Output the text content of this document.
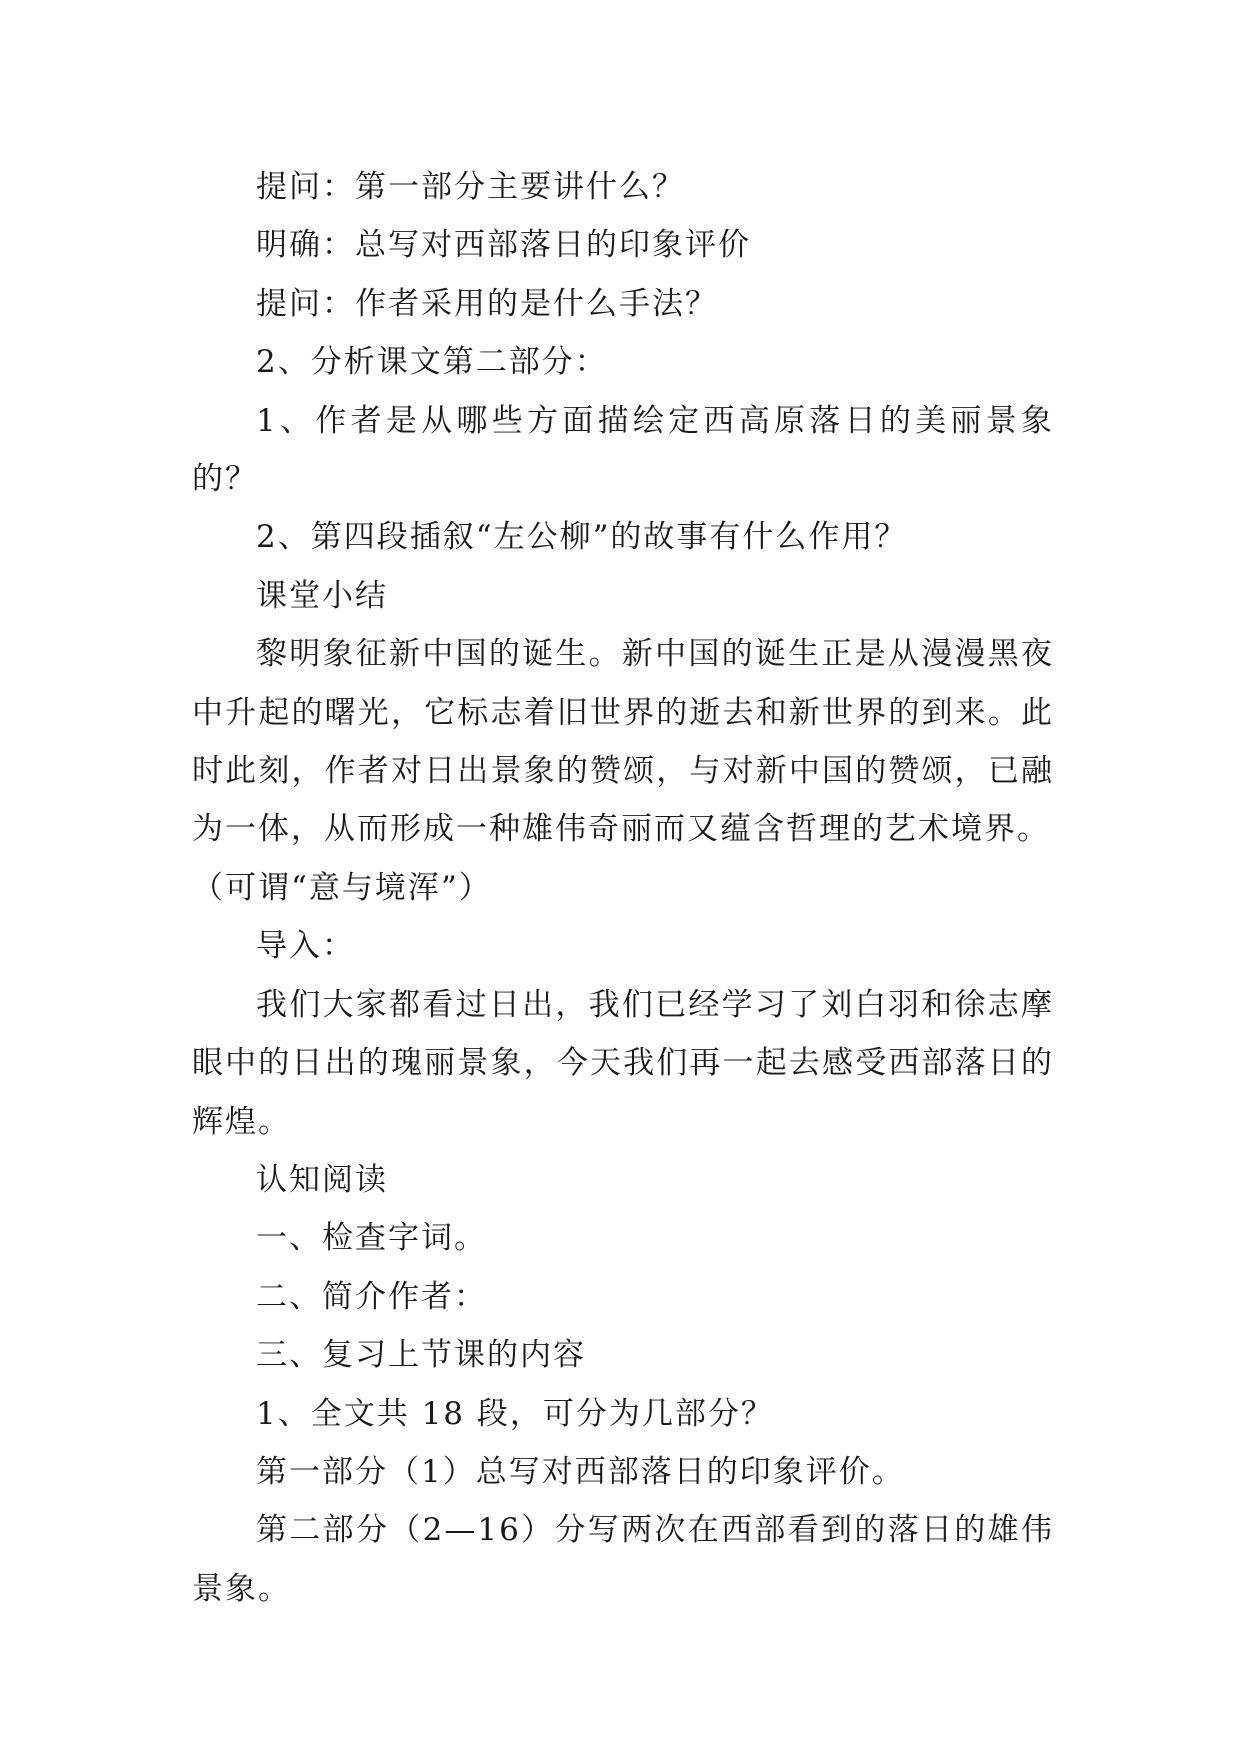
提问：第一部分主要讲什么？

明确：总写对西部落日的印象评价

提问：作者采用的是什么手法？

2、分析课文第二部分：

1、作者是从哪些方面描绘定西高原落日的美丽景象的？

2、第四段插叙“左公柳”的故事有什么作用？

课堂小结

黎明象征新中国的诞生。新中国的诞生正是从漫漫黑夜中升起的曙光，它标志着旧世界的逝去和新世界的到来。此时此刻，作者对日出景象的赞颂，与对新中国的赞颂，已融为一体，从而形成一种雄伟奇丽而又蕴含哲理的艺术境界。

（可谓“意与境浑”）

导入：

我们大家都看过日出，我们已经学习了刘白羽和徐志摩眼中的日出的瑰丽景象，今天我们再一起去感受西部落日的辉煌。

认知阅读

一、检查字词。

二、简介作者：

三、复习上节课的内容

1、全文共 18 段，可分为几部分？

第一部分（1）总写对西部落日的印象评价。

第二部分（2—16）分写两次在西部看到的落日的雄伟景象。
